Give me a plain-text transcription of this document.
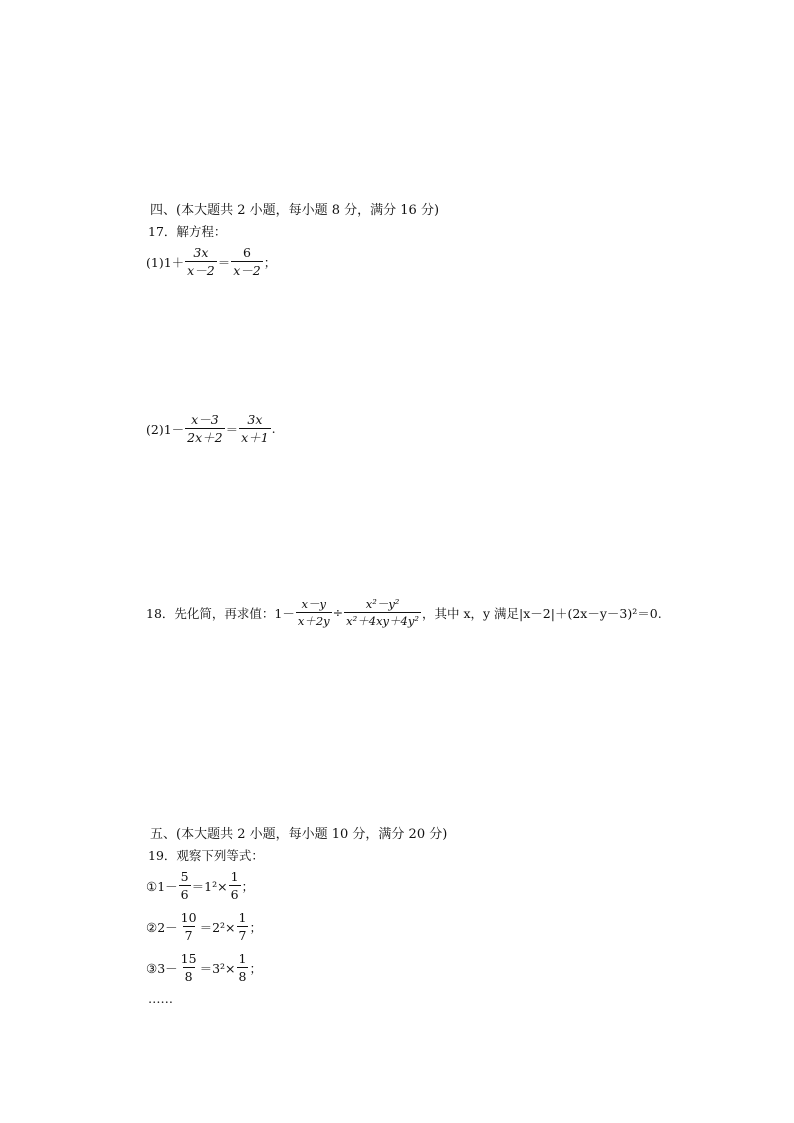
四、(本大题共 2 小题，每小题 8 分，满分 16 分)
17．解方程：
$(1)1+ \frac{3x}{x-2} = \frac{6}{x-2}$ ；
$(2)1- \frac{x-3}{2x+2} = \frac{3x}{x+1}$ .
18．先化简，再求值：$1- \frac{x-y}{x+2y} \div \frac{\text{x²－y²}}{\text{x²＋4xy＋4y²}}$ ，其中 x，y 满足|x－2|＋(2x－y－3)²＝0.
五、(本大题共 2 小题，每小题 10 分，满分 20 分)
19．观察下列等式：
①1－ $\frac{5}{6} =1^2\times \frac{1}{6}$ ；
②2－ $\frac{10}{7} =2^2\times \frac{1}{7}$ ；
③3－ $\frac{15}{8} =3^2\times \frac{1}{8}$ ；
……
